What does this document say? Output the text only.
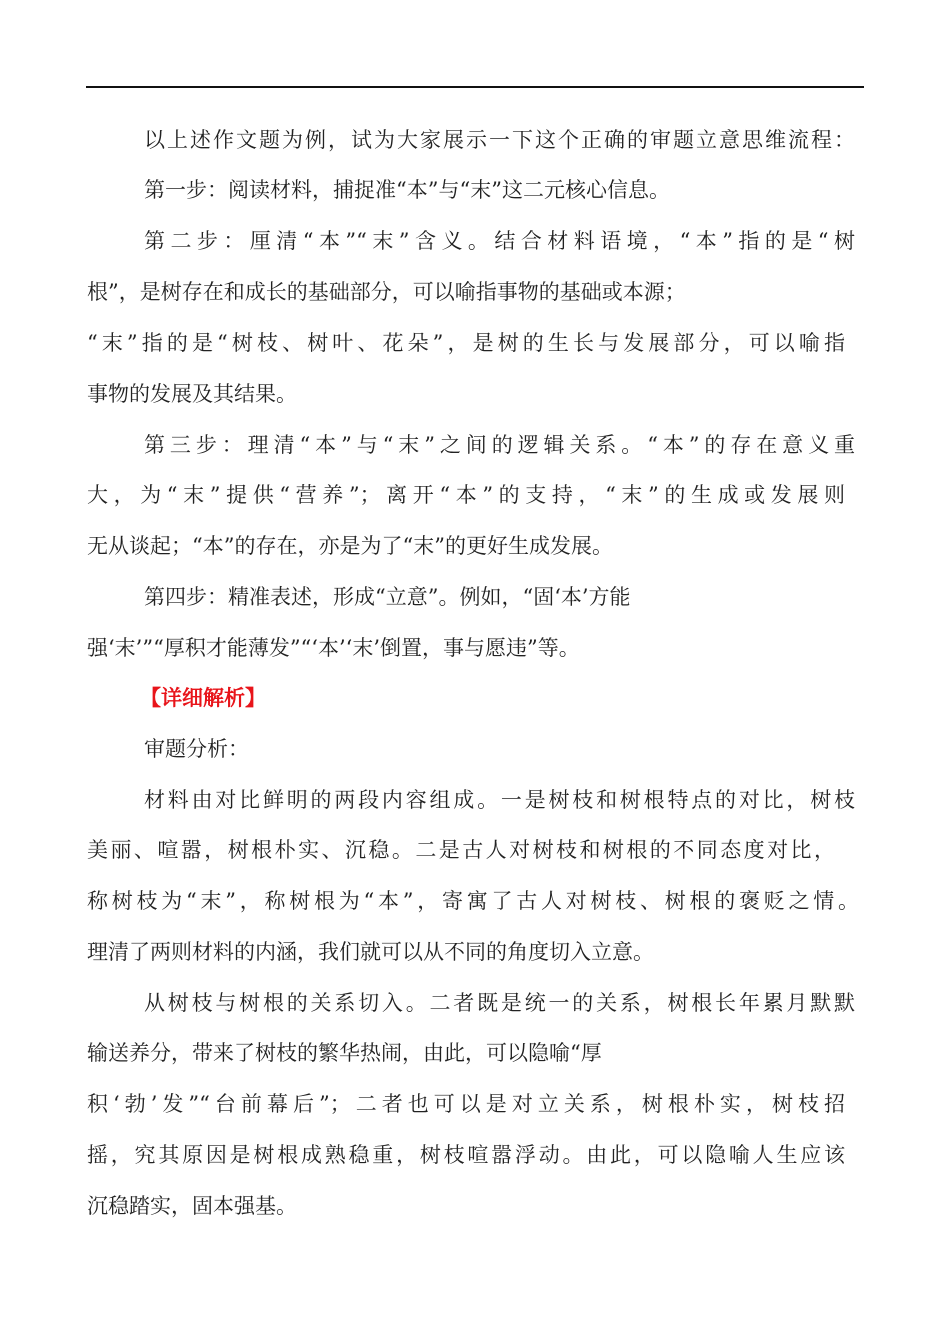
以上述作文题为例，试为大家展示一下这个正确的审题立意思维流程：
第一步：阅读材料，捕捉准“本”与“末”这二元核心信息。
第二步：厘清“本”“末”含义。结合材料语境，“本”指的是“树
根”，是树存在和成长的基础部分，可以喻指事物的基础或本源；
“末”指的是“树枝、树叶、花朵”，是树的生长与发展部分，可以喻指
事物的发展及其结果。
第三步：理清“本”与“末”之间的逻辑关系。“本”的存在意义重
大，为“末”提供“营养”；离开“本”的支持，“末”的生成或发展则
无从谈起；“本”的存在，亦是为了“末”的更好生成发展。
第四步：精准表述，形成“立意”。例如，“固‘本’方能
强‘末’”“厚积才能薄发”“‘本’‘末’倒置，事与愿违”等。
【详细解析】
审题分析：
材料由对比鲜明的两段内容组成。一是树枝和树根特点的对比，树枝
美丽、喧嚣，树根朴实、沉稳。二是古人对树枝和树根的不同态度对比，
称树枝为“末”，称树根为“本”，寄寓了古人对树枝、树根的褒贬之情。
理清了两则材料的内涵，我们就可以从不同的角度切入立意。
从树枝与树根的关系切入。二者既是统一的关系，树根长年累月默默
输送养分，带来了树枝的繁华热闹，由此，可以隐喻“厚
积‘勃’发”“台前幕后”；二者也可以是对立关系，树根朴实，树枝招
摇，究其原因是树根成熟稳重，树枝喧嚣浮动。由此，可以隐喻人生应该
沉稳踏实，固本强基。
